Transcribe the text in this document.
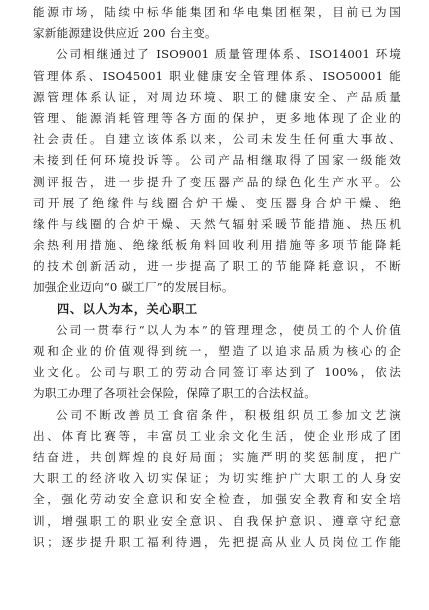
能源市场，陆续中标华能集团和华电集团框架，目前已为国
家新能源建设供应近 200 台主变。
公司相继通过了 ISO9001 质量管理体系、ISO14001 环境
管理体系、ISO45001 职业健康安全管理体系、ISO50001 能
源管理体系认证，对周边环境、职工的健康安全、产品质量
管理、能源消耗管理等各方面的保护，更多地体现了企业的
社会责任。自建立该体系以来，公司未发生任何重大事故、
未接到任何环境投诉等。公司产品相继取得了国家一级能效
测评报告，进一步提升了变压器产品的绿色化生产水平。公
司开展了绝缘件与线圈合炉干燥、变压器身合炉干燥、绝
缘件与线圈的合炉干燥、天然气辐射采暖节能措施、热压机
余热利用措施、绝缘纸板角料回收利用措施等多项节能降耗
的技术创新活动，进一步提高了职工的节能降耗意识，不断
加强企业迈向“0 碳工厂”的发展目标。
四、以人为本，关心职工
公司一贯奉行“以人为本”的管理理念，使员工的个人价值
观和企业的价值观得到统一，塑造了以追求品质为核心的企
业文化。公司与职工的劳动合同签订率达到了 100%，依法
为职工办理了各项社会保险，保障了职工的合法权益。
公司不断改善员工食宿条件，积极组织员工参加文艺演
出、体育比赛等，丰富员工业余文化生活，使企业形成了团
结奋进，共创辉煌的良好局面；实施严明的奖惩制度，把广
大职工的经济收入切实保证；为切实维护广大职工的人身安
全，强化劳动安全意识和安全检查，加强安全教育和安全培
训，增强职工的职业安全意识、自我保护意识、遵章守纪意
识；逐步提升职工福利待遇，先把提高从业人员岗位工作能
